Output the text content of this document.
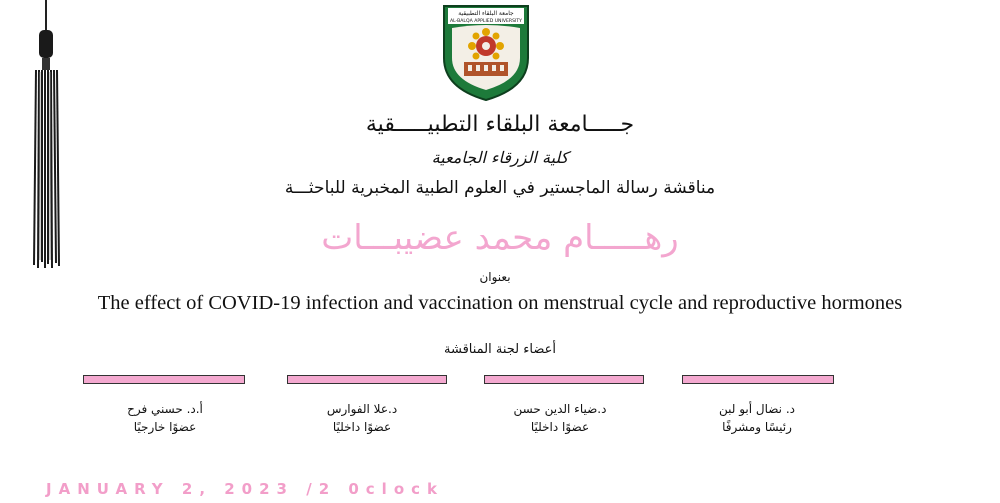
جامعة البلقاء التطبيقية
AL-BALQA APPLIED UNIVERSITY
جـــــامعة البلقاء التطبيـــــقية
كلية الزرقاء الجامعية
مناقشة رسالة الماجستير في العلوم الطبية المخبرية للباحثـــة
رهـــــام محمد عضيبـــات
بعنوان
The effect of COVID-19 infection and vaccination on menstrual cycle and reproductive hormones
أعضاء لجنة المناقشة
د. نضال أبو لبن
رئيسًا ومشرفًا
د.ضياء الدين حسن
عضوًا داخليًا
د.علا الفوارس
عضوًا داخليًا
أ.د. حسني فرح
عضوًا خارجيًا
JANUARY 2, 2023 /2 0clock
